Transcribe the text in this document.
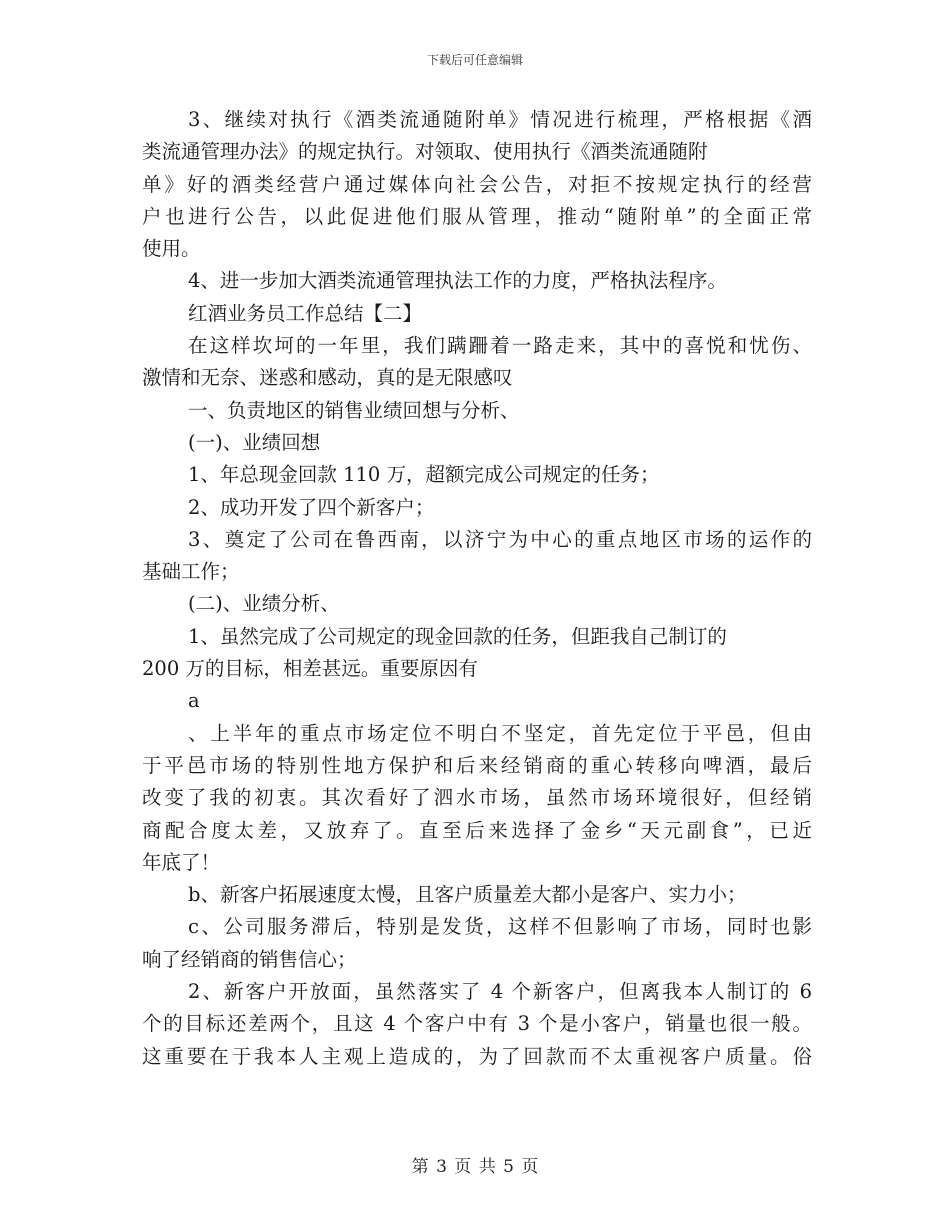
下载后可任意编辑
3、继续对执行《酒类流通随附单》情况进行梳理，严格根据《酒
类流通管理办法》的规定执行。对领取、使用执行《酒类流通随附
单》好的酒类经营户通过媒体向社会公告，对拒不按规定执行的经营
户也进行公告，以此促进他们服从管理，推动“随附单”的全面正常
使用。
4、进一步加大酒类流通管理执法工作的力度，严格执法程序。
红酒业务员工作总结【二】
在这样坎坷的一年里，我们蹒跚着一路走来，其中的喜悦和忧伤、
激情和无奈、迷惑和感动，真的是无限感叹
一、负责地区的销售业绩回想与分析、
(一)、业绩回想
1、年总现金回款 110 万，超额完成公司规定的任务；
2、成功开发了四个新客户；
3、奠定了公司在鲁西南，以济宁为中心的重点地区市场的运作的
基础工作；
(二)、业绩分析、
1、虽然完成了公司规定的现金回款的任务，但距我自己制订的
200 万的目标，相差甚远。重要原因有
a
、上半年的重点市场定位不明白不坚定，首先定位于平邑，但由
于平邑市场的特别性地方保护和后来经销商的重心转移向啤酒，最后
改变了我的初衷。其次看好了泗水市场，虽然市场环境很好，但经销
商配合度太差，又放弃了。直至后来选择了金乡“天元副食”，已近
年底了！
b、新客户拓展速度太慢，且客户质量差大都小是客户、实力小；
c、公司服务滞后，特别是发货，这样不但影响了市场，同时也影
响了经销商的销售信心；
2、新客户开放面，虽然落实了 4 个新客户，但离我本人制订的 6
个的目标还差两个，且这 4 个客户中有 3 个是小客户，销量也很一般。
这重要在于我本人主观上造成的，为了回款而不太重视客户质量。俗
第 3 页 共 5 页
